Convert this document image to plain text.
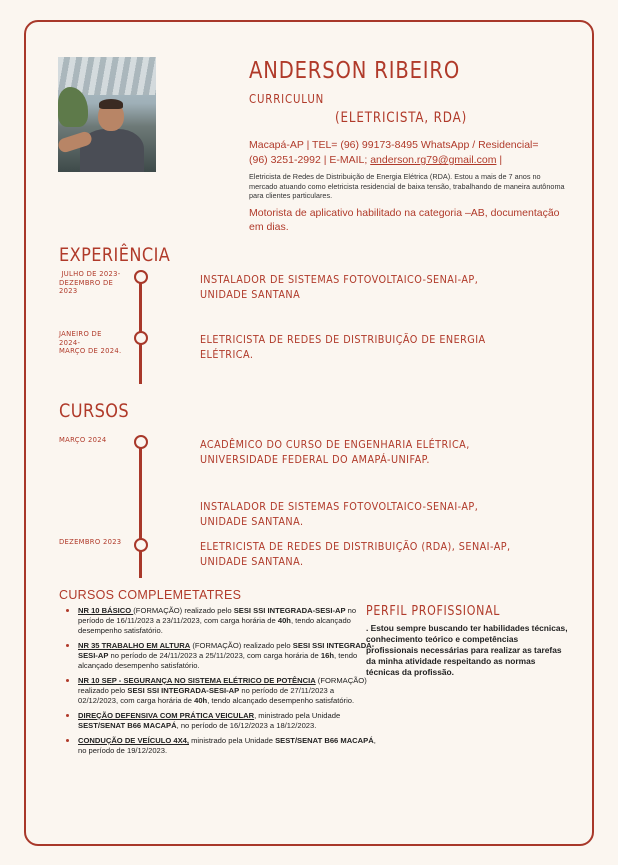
ANDERSON RIBEIRO
CURRICULUN
(ELETRICISTA, RDA)
Macapá-AP | TEL= (96) 99173-8495 WhatsApp / Residencial=
(96) 3251-2992 | E-MAIL; anderson.rg79@gmail.com |
Eletricista de Redes de Distribuição de Energia Elétrica (RDA). Estou a mais de 7 anos no mercado atuando como eletricista residencial de baixa tensão, trabalhando de maneira autônoma para clientes particulares.
Motorista de aplicativo habilitado na categoria –AB, documentação em dias.
EXPERIÊNCIA
JULHO DE 2023-
DEZEMBRO DE
2023
INSTALADOR DE SISTEMAS FOTOVOLTAICO-SENAI-AP, UNIDADE SANTANA
JANEIRO DE
2024-
MARÇO DE 2024.
ELETRICISTA DE REDES DE DISTRIBUIÇÃO DE ENERGIA ELÉTRICA.
CURSOS
MARÇO 2024	ACADÊMICO DO CURSO DE ENGENHARIA ELÉTRICA, UNIVERSIDADE FEDERAL DO AMAPÁ-UNIFAP.
INSTALADOR DE SISTEMAS FOTOVOLTAICO-SENAI-AP, UNIDADE SANTANA.
DEZEMBRO 2023	ELETRICISTA DE REDES DE DISTRIBUIÇÃO (RDA), SENAI-AP, UNIDADE SANTANA.
CURSOS COMPLEMETATRES
• NR 10 BÁSICO (FORMAÇÃO) realizado pelo SESI SSI INTEGRADA-SESI-AP no período de 16/11/2023 a 23/11/2023, com carga horária de 40h, tendo alcançado desempenho satisfatório.
• NR 35 TRABALHO EM ALTURA (FORMAÇÃO) realizado pelo SESI SSI INTEGRADA-SESI-AP no período de 24/11/2023 a 25/11/2023, com carga horária de 16h, tendo alcançado desempenho satisfatório.
• NR 10 SEP - SEGURANÇA NO SISTEMA ELÉTRICO DE POTÊNCIA (FORMAÇÃO) realizado pelo SESI SSI INTEGRADA-SESI-AP no período de 27/11/2023 a 02/12/2023, com carga horária de 40h, tendo alcançado desempenho satisfatório.
• DIREÇÃO DEFENSIVA COM PRÁTICA VEICULAR, ministrado pela Unidade SEST/SENAT B66 MACAPÁ, no período de 16/12/2023 a 18/12/2023.
• CONDUÇÃO DE VEÍCULO 4X4, ministrado pela Unidade SEST/SENAT B66 MACAPÁ, no período de 19/12/2023.
PERFIL PROFISSIONAL
. Estou sempre buscando ter habilidades técnicas, conhecimento teórico e competências profissionais necessárias para realizar as tarefas da minha atividade respeitando as normas técnicas da profissão.
